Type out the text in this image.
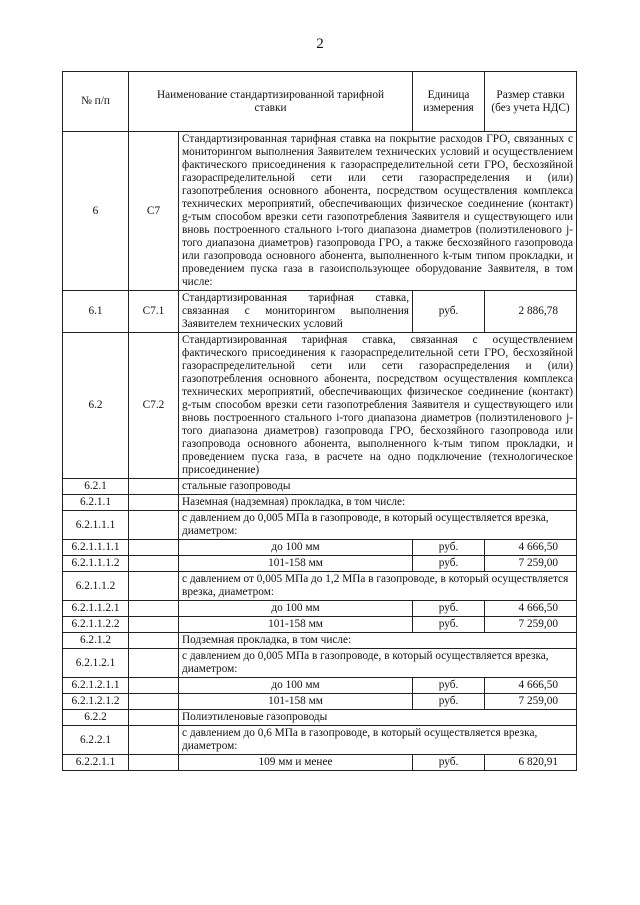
2
№ п/п	Наименование стандартизированной тарифной ставки		Единица измерения	Размер ставки (без учета НДС)
6	C7	Стандартизированная тарифная ставка на покрытие расходов ГРО, связанных с мониторингом выполнения Заявителем технических условий и осуществлением фактического присоединения к газораспределительной сети ГРО, бесхозяйной газораспределительной сети или сети газораспределения и (или) газопотребления основного абонента, посредством осуществления комплекса технических мероприятий, обеспечивающих физическое соединение (контакт) g-тым способом врезки сети газопотребления Заявителя и существующего или вновь построенного стального i-того диапазона диаметров (полиэтиленового j-того диапазона диаметров) газопровода ГРО, а также бесхозяйного газопровода или газопровода основного абонента, выполненного k-тым типом прокладки, и проведением пуска газа в газоиспользующее оборудование Заявителя, в том числе:		
6.1	C7.1	Стандартизированная тарифная ставка, связанная с мониторингом выполнения Заявителем технических условий	руб.	2 886,78
6.2	C7.2	Стандартизированная тарифная ставка, связанная с осуществлением фактического присоединения к газораспределительной сети ГРО, бесхозяйной газораспределительной сети или сети газораспределения и (или) газопотребления основного абонента, посредством осуществления комплекса технических мероприятий, обеспечивающих физическое соединение (контакт) g-тым способом врезки сети газопотребления Заявителя и существующего или вновь построенного стального i-того диапазона диаметров (полиэтиленового j-того диапазона диаметров) газопровода ГРО, бесхозяйного газопровода или газопровода основного абонента, выполненного k-тым типом прокладки, и проведением пуска газа, в расчете на одно подключение (технологическое присоединение)		
6.2.1		стальные газопроводы		
6.2.1.1		Наземная (надземная) прокладка, в том числе:		
6.2.1.1.1		с давлением до 0,005 МПа в газопроводе, в который осуществляется врезка, диаметром:		
6.2.1.1.1.1		до 100 мм	руб.	4 666,50
6.2.1.1.1.2		101-158 мм	руб.	7 259,00
6.2.1.1.2		с давлением от 0,005 МПа до 1,2 МПа в газопроводе, в который осуществляется врезка, диаметром:		
6.2.1.1.2.1		до 100 мм	руб.	4 666,50
6.2.1.1.2.2		101-158 мм	руб.	7 259,00
6.2.1.2		Подземная прокладка, в том числе:		
6.2.1.2.1		с давлением до 0,005 МПа в газопроводе, в который осуществляется врезка, диаметром:		
6.2.1.2.1.1		до 100 мм	руб.	4 666,50
6.2.1.2.1.2		101-158 мм	руб.	7 259,00
6.2.2		Полиэтиленовые газопроводы		
6.2.2.1		с давлением до 0,6 МПа в газопроводе, в который осуществляется врезка, диаметром:		
6.2.2.1.1		109 мм и менее	руб.	6 820,91
